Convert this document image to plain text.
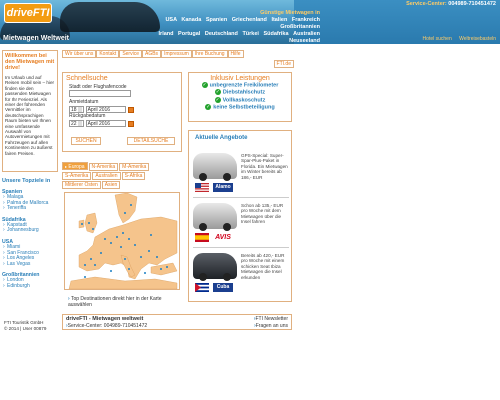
driveFTI
Mietwagen Weltweit
Service-Center: 004989-710451472
Hotel suchen Weltreisebasteln
Günstige Mietwagen in
USA Kanada Spanien Griechenland Italien Frankreich
Großbritannien
Irland Portugal Deutschland Türkei Südafrika Australien
Neuseeland
Willkommen bei den Mietwagen mit drive!
Im Urlaub und auf Reisen mobil sein – hier finden sie den passenden Mietwagen für Ihr Ferienziel. Als einer der führenden Vermittler im deutschsprachigen Raum bieten wir Ihnen eine umfassende Auswahl von Autovermietungen mit Fahrzeugen auf allen Kontinenten zu äußerst fairen Preisen.
Unsere Topziele in
Spanien
› Malaga
› Palma de Mallorca
› Teneriffa
Südafrika
› Kapstadt
› Johannesburg
USA
› Miami
› San Francisco
› Los Angeles
› Las Vegas
Großbritannien
› London
› Edinburgh
FTI Touristik GmbH
© 2014 | User 00879
Wir über uns Kontakt Service AGBs Impressum Ihre Buchung Hilfe
FTI.de
Schnellsuche
Stadt oder Flughafencode
Anmietdatum
18	April 2016
Rückgabedatum
22	April 2016
SUCHEN	DETAILSUCHE
Inklusiv Leistungen
✓ unbegrenzte Freikilometer
✓ Diebstahlschutz
✓ Vollkaskoschutz
✓ keine Selbstbeteiligung
▸ Europa N-Amerika M-Amerika
S-Amerika Australien S-Afrika
Mittlerer Osten Asien
› Top Destinationen direkt hier in der Karte auswählen
Aktuelle Angebote
GPS-Special: Super-Spar-Plus-Paket in Florida. Ein Mietwagen im Winter bereits ab 186,- EUR
Alamo
Schon ab 135,- EUR pro Woche mit dem Mietwagen über die Insel fahren
AVIS
Bereits ab 420,- EUR pro Woche mit einem schicken Seat Ibiza Mietwagen die Insel erkunden
Cuba
driveFTI - Mietwagen weltweit
›Service-Center: 004989-710451472
›FTI Newsletter
›Fragen an uns
